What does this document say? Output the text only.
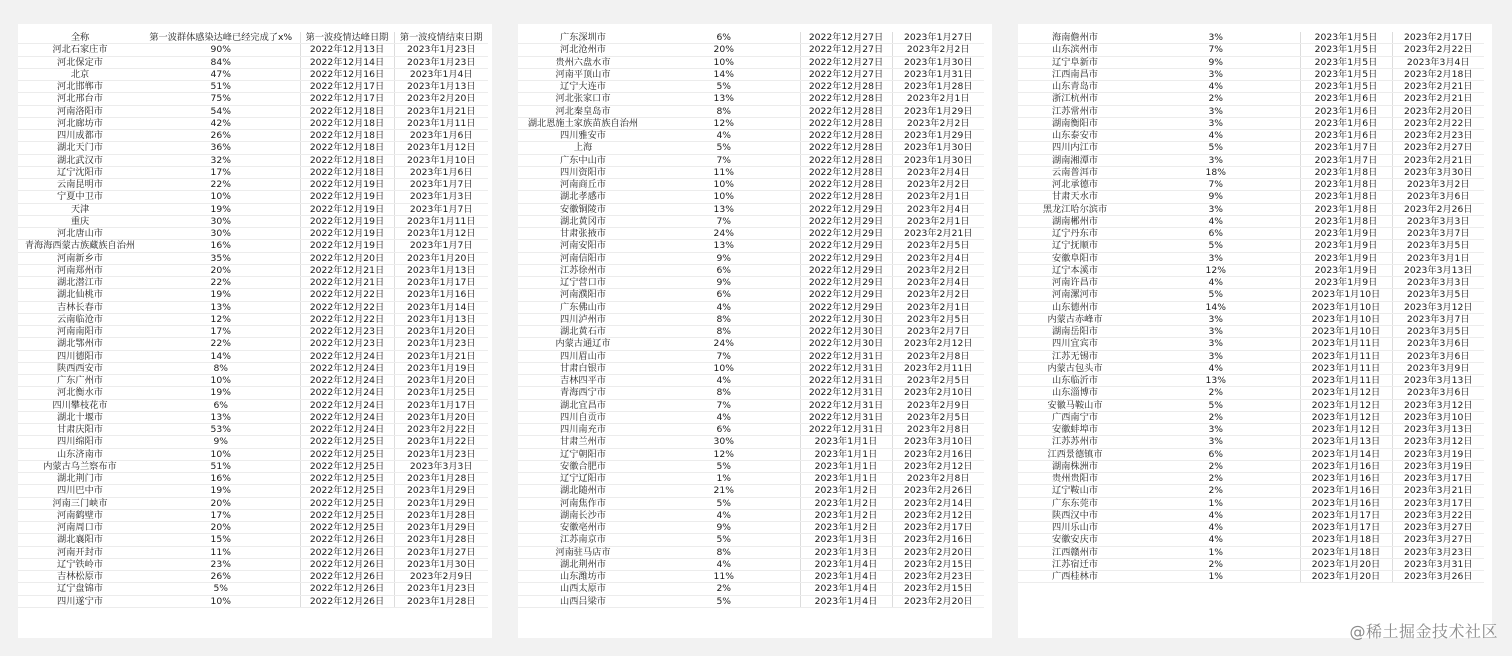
全称	第一波群体感染达峰已经完成了x%	第一波疫情达峰日期	第一波疫情结束日期
河北石家庄市	90%	2022年12月13日	2023年1月23日
河北保定市	84%	2022年12月14日	2023年1月23日
北京	47%	2022年12月16日	2023年1月4日
河北邯郸市	51%	2022年12月17日	2023年1月13日
河北邢台市	75%	2022年12月17日	2023年2月20日
河南洛阳市	54%	2022年12月18日	2023年1月21日
河北廊坊市	42%	2022年12月18日	2023年1月11日
四川成都市	26%	2022年12月18日	2023年1月6日
湖北天门市	36%	2022年12月18日	2023年1月12日
湖北武汉市	32%	2022年12月18日	2023年1月10日
辽宁沈阳市	17%	2022年12月18日	2023年1月6日
云南昆明市	22%	2022年12月19日	2023年1月7日
宁夏中卫市	10%	2022年12月19日	2023年1月3日
天津	19%	2022年12月19日	2023年1月7日
重庆	30%	2022年12月19日	2023年1月11日
河北唐山市	30%	2022年12月19日	2023年1月12日
青海海西蒙古族藏族自治州	16%	2022年12月19日	2023年1月7日
河南新乡市	35%	2022年12月20日	2023年1月20日
河南郑州市	20%	2022年12月21日	2023年1月13日
湖北潜江市	22%	2022年12月21日	2023年1月17日
湖北仙桃市	19%	2022年12月22日	2023年1月16日
吉林长春市	13%	2022年12月22日	2023年1月14日
云南临沧市	12%	2022年12月22日	2023年1月13日
河南南阳市	17%	2022年12月23日	2023年1月20日
湖北鄂州市	22%	2022年12月23日	2023年1月23日
四川德阳市	14%	2022年12月24日	2023年1月21日
陕西西安市	8%	2022年12月24日	2023年1月19日
广东广州市	10%	2022年12月24日	2023年1月20日
河北衡水市	19%	2022年12月24日	2023年1月25日
四川攀枝花市	6%	2022年12月24日	2023年1月17日
湖北十堰市	13%	2022年12月24日	2023年1月20日
甘肃庆阳市	53%	2022年12月24日	2023年2月22日
四川绵阳市	9%	2022年12月25日	2023年1月22日
山东济南市	10%	2022年12月25日	2023年1月23日
内蒙古乌兰察布市	51%	2022年12月25日	2023年3月3日
湖北荆门市	16%	2022年12月25日	2023年1月28日
四川巴中市	19%	2022年12月25日	2023年1月29日
河南三门峡市	20%	2022年12月25日	2023年1月29日
河南鹤壁市	17%	2022年12月25日	2023年1月28日
河南周口市	20%	2022年12月25日	2023年1月29日
湖北襄阳市	15%	2022年12月26日	2023年1月28日
河南开封市	11%	2022年12月26日	2023年1月27日
辽宁铁岭市	23%	2022年12月26日	2023年1月30日
吉林松原市	26%	2022年12月26日	2023年2月9日
辽宁盘锦市	5%	2022年12月26日	2023年1月23日
四川遂宁市	10%	2022年12月26日	2023年1月28日
广东深圳市	6%	2022年12月27日	2023年1月27日
河北沧州市	20%	2022年12月27日	2023年2月2日
贵州六盘水市	10%	2022年12月27日	2023年1月30日
河南平顶山市	14%	2022年12月27日	2023年1月31日
辽宁大连市	5%	2022年12月28日	2023年1月28日
河北张家口市	13%	2022年12月28日	2023年2月1日
河北秦皇岛市	8%	2022年12月28日	2023年1月29日
湖北恩施土家族苗族自治州	12%	2022年12月28日	2023年2月2日
四川雅安市	4%	2022年12月28日	2023年1月29日
上海	5%	2022年12月28日	2023年1月30日
广东中山市	7%	2022年12月28日	2023年1月30日
四川资阳市	11%	2022年12月28日	2023年2月4日
河南商丘市	10%	2022年12月28日	2023年2月2日
湖北孝感市	10%	2022年12月28日	2023年2月1日
安徽铜陵市	13%	2022年12月29日	2023年2月4日
湖北黄冈市	7%	2022年12月29日	2023年2月1日
甘肃张掖市	24%	2022年12月29日	2023年2月21日
河南安阳市	13%	2022年12月29日	2023年2月5日
河南信阳市	9%	2022年12月29日	2023年2月4日
江苏徐州市	6%	2022年12月29日	2023年2月2日
辽宁营口市	9%	2022年12月29日	2023年2月4日
河南濮阳市	6%	2022年12月29日	2023年2月2日
广东佛山市	4%	2022年12月29日	2023年2月1日
四川泸州市	8%	2022年12月30日	2023年2月5日
湖北黄石市	8%	2022年12月30日	2023年2月7日
内蒙古通辽市	24%	2022年12月30日	2023年2月12日
四川眉山市	7%	2022年12月31日	2023年2月8日
甘肃白银市	10%	2022年12月31日	2023年2月11日
吉林四平市	4%	2022年12月31日	2023年2月5日
青海西宁市	8%	2022年12月31日	2023年2月10日
湖北宜昌市	7%	2022年12月31日	2023年2月9日
四川自贡市	4%	2022年12月31日	2023年2月5日
四川南充市	6%	2022年12月31日	2023年2月8日
甘肃兰州市	30%	2023年1月1日	2023年3月10日
辽宁朝阳市	12%	2023年1月1日	2023年2月16日
安徽合肥市	5%	2023年1月1日	2023年2月12日
辽宁辽阳市	1%	2023年1月1日	2023年2月8日
湖北随州市	21%	2023年1月2日	2023年2月26日
河南焦作市	5%	2023年1月2日	2023年2月14日
湖南长沙市	4%	2023年1月2日	2023年2月12日
安徽亳州市	9%	2023年1月2日	2023年2月17日
江苏南京市	5%	2023年1月3日	2023年2月16日
河南驻马店市	8%	2023年1月3日	2023年2月20日
湖北荆州市	4%	2023年1月4日	2023年2月15日
山东潍坊市	11%	2023年1月4日	2023年2月23日
山西太原市	2%	2023年1月4日	2023年2月15日
山西吕梁市	5%	2023年1月4日	2023年2月20日
海南儋州市	3%	2023年1月5日	2023年2月17日
山东滨州市	7%	2023年1月5日	2023年2月22日
辽宁阜新市	9%	2023年1月5日	2023年3月4日
江西南昌市	3%	2023年1月5日	2023年2月18日
山东青岛市	4%	2023年1月5日	2023年2月21日
浙江杭州市	2%	2023年1月6日	2023年2月21日
江苏常州市	3%	2023年1月6日	2023年2月20日
湖南衡阳市	3%	2023年1月6日	2023年2月22日
山东泰安市	4%	2023年1月6日	2023年2月23日
四川内江市	5%	2023年1月7日	2023年2月27日
湖南湘潭市	3%	2023年1月7日	2023年2月21日
云南普洱市	18%	2023年1月8日	2023年3月30日
河北承德市	7%	2023年1月8日	2023年3月2日
甘肃天水市	9%	2023年1月8日	2023年3月6日
黑龙江哈尔滨市	3%	2023年1月8日	2023年2月26日
湖南郴州市	4%	2023年1月8日	2023年3月3日
辽宁丹东市	6%	2023年1月9日	2023年3月7日
辽宁抚顺市	5%	2023年1月9日	2023年3月5日
安徽阜阳市	3%	2023年1月9日	2023年3月1日
辽宁本溪市	12%	2023年1月9日	2023年3月13日
河南许昌市	4%	2023年1月9日	2023年3月3日
河南漯河市	5%	2023年1月10日	2023年3月5日
山东德州市	14%	2023年1月10日	2023年3月12日
内蒙古赤峰市	3%	2023年1月10日	2023年3月7日
湖南岳阳市	3%	2023年1月10日	2023年3月5日
四川宜宾市	3%	2023年1月11日	2023年3月6日
江苏无锡市	3%	2023年1月11日	2023年3月6日
内蒙古包头市	4%	2023年1月11日	2023年3月9日
山东临沂市	13%	2023年1月11日	2023年3月13日
山东淄博市	2%	2023年1月12日	2023年3月6日
安徽马鞍山市	5%	2023年1月12日	2023年3月12日
广西南宁市	2%	2023年1月12日	2023年3月10日
安徽蚌埠市	3%	2023年1月12日	2023年3月13日
江苏苏州市	3%	2023年1月13日	2023年3月12日
江西景德镇市	6%	2023年1月14日	2023年3月19日
湖南株洲市	2%	2023年1月16日	2023年3月19日
贵州贵阳市	2%	2023年1月16日	2023年3月17日
辽宁鞍山市	2%	2023年1月16日	2023年3月21日
广东东莞市	1%	2023年1月16日	2023年3月17日
陕西汉中市	4%	2023年1月17日	2023年3月22日
四川乐山市	4%	2023年1月17日	2023年3月27日
安徽安庆市	4%	2023年1月18日	2023年3月27日
江西赣州市	1%	2023年1月18日	2023年3月23日
江苏宿迁市	2%	2023年1月20日	2023年3月31日
广西桂林市	1%	2023年1月20日	2023年3月26日
@稀土掘金技术社区
